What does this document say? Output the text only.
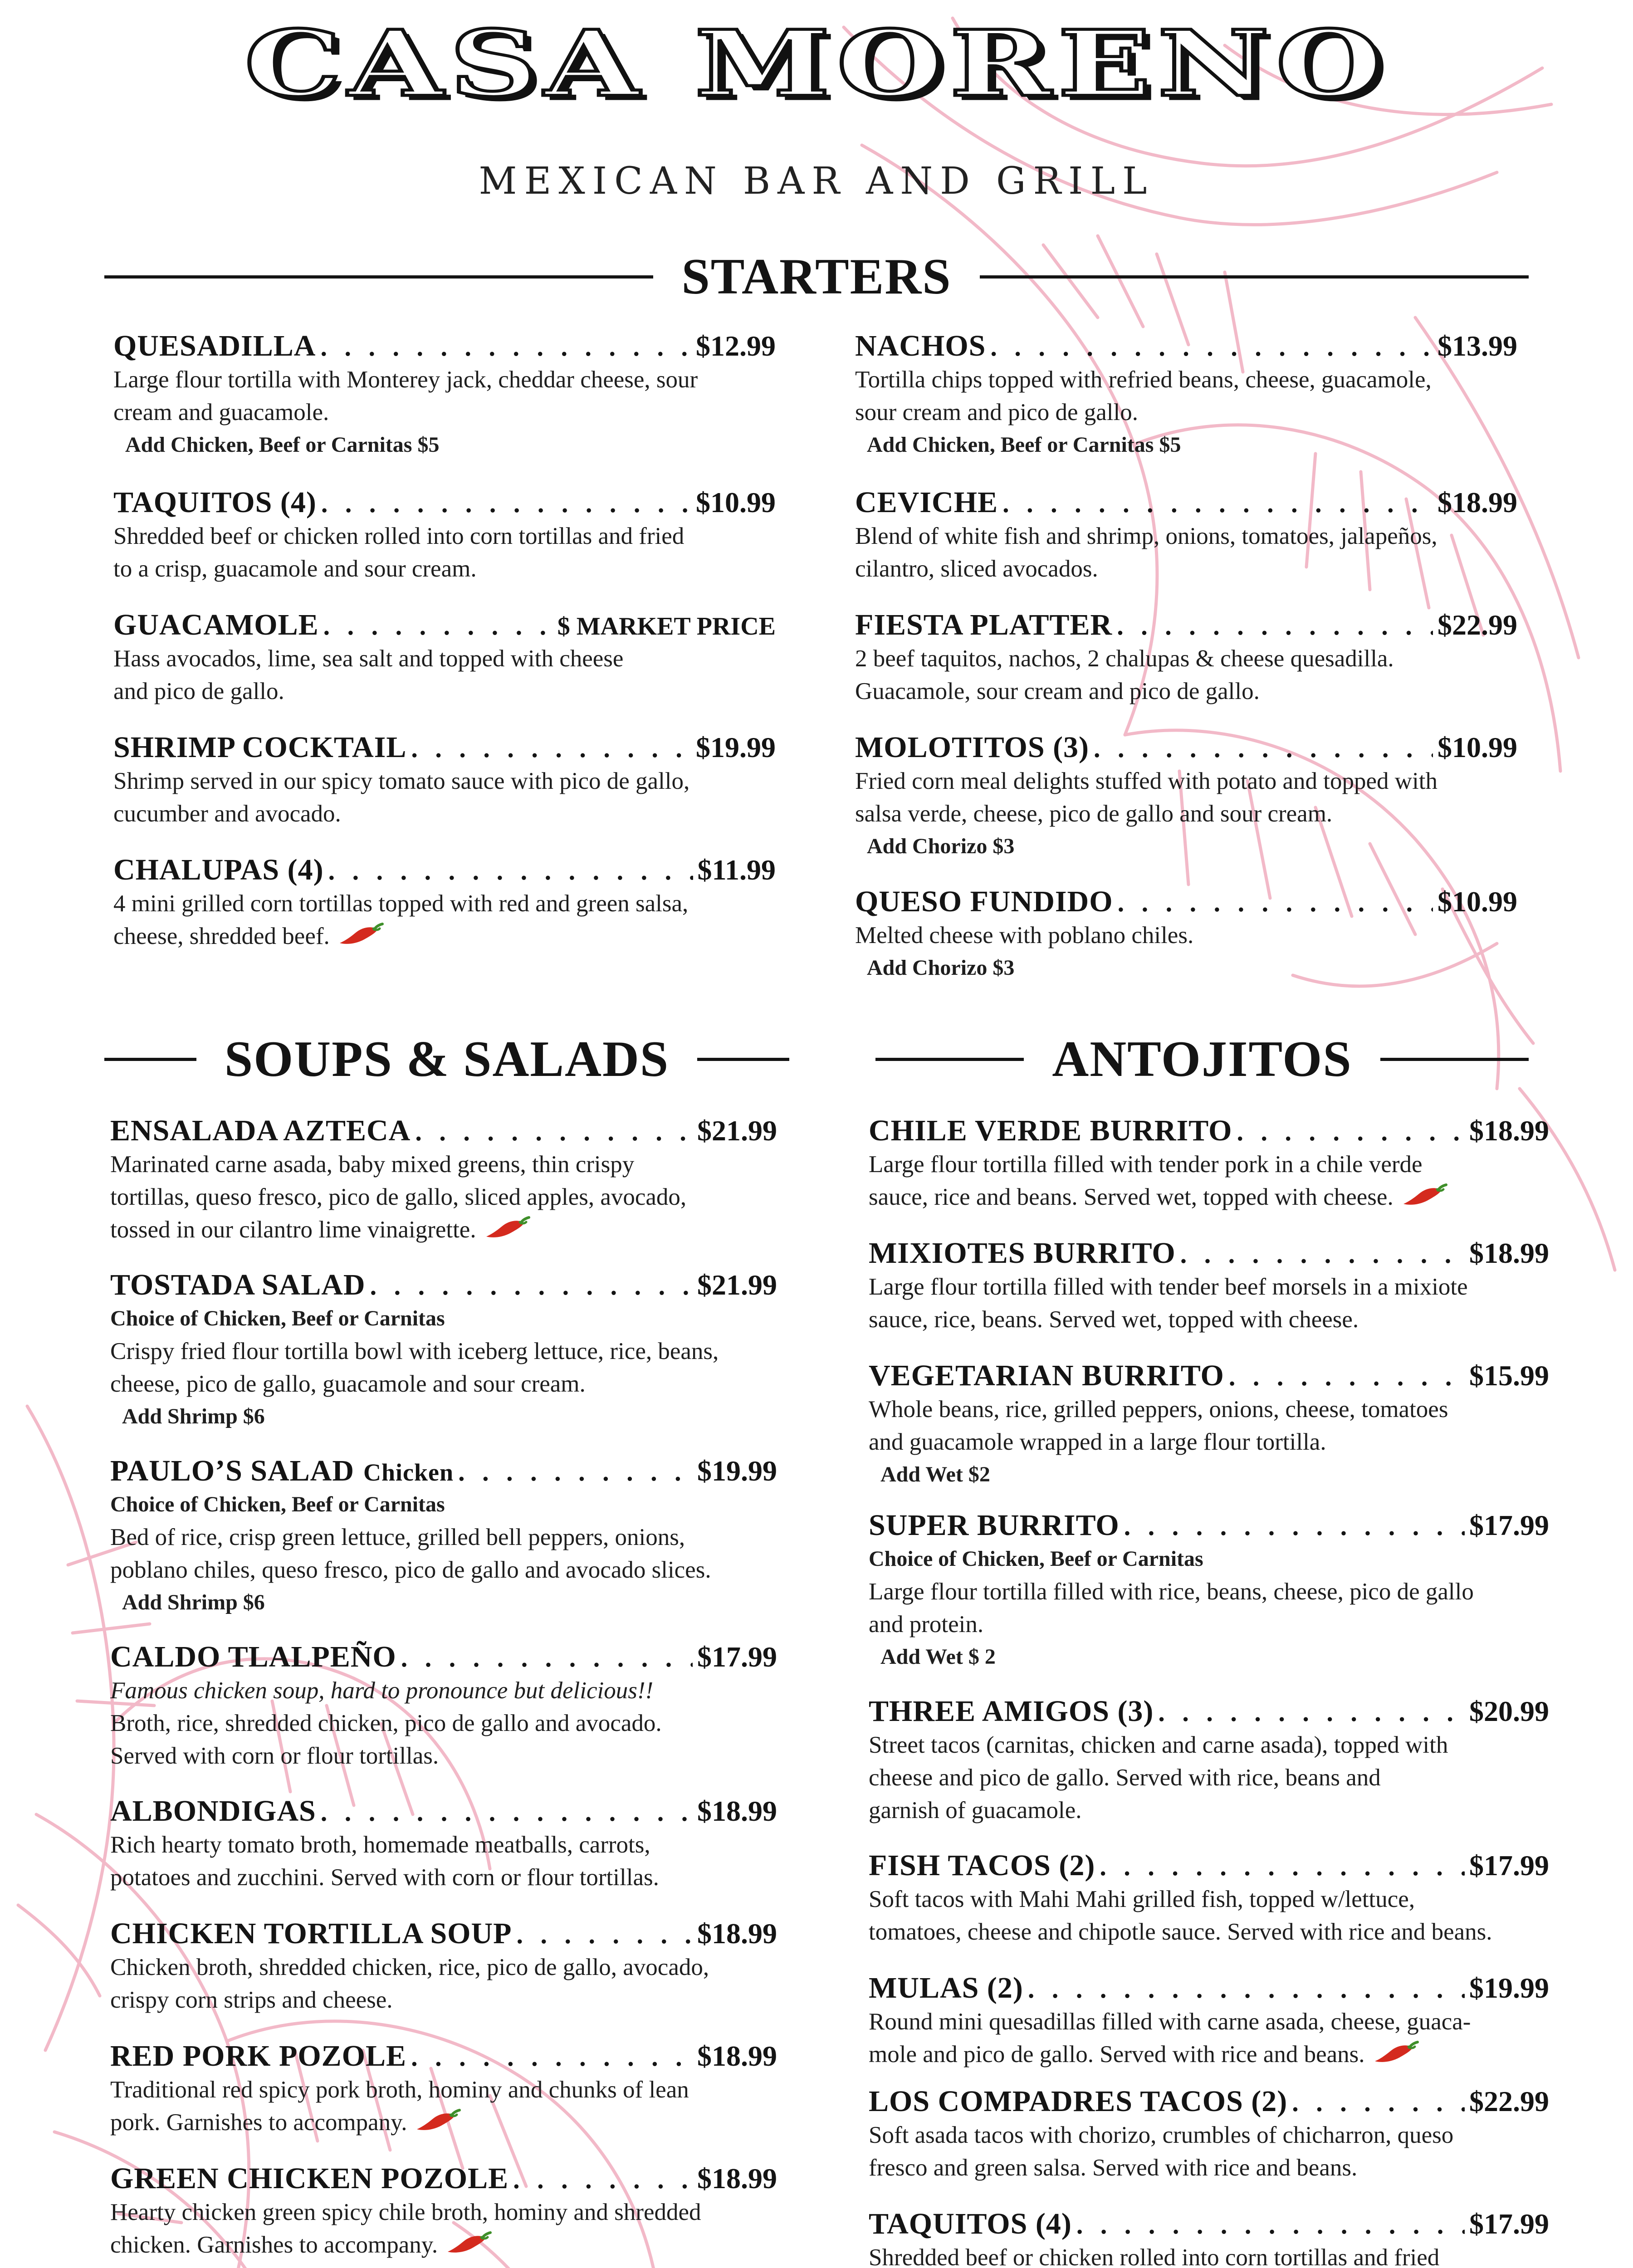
CASA MORENO
MEXICAN BAR AND GRILL
STARTERS
SOUPS & SALADS	ANTOJITOS
QUESADILLA . . .	$12.99
Large flour tortilla with Monterey jack, cheddar cheese, sour
cream and guacamole.
Add Chicken, Beef or Carnitas $5
TAQUITOS (4) . . .	$10.99
Shredded beef or chicken rolled into corn tortillas and fried
to a crisp, guacamole and sour cream.
GUACAMOLE . . .	$ MARKET PRICE
Hass avocados, lime, sea salt and topped with cheese
and pico de gallo.
SHRIMP COCKTAIL . . .	$19.99
Shrimp served in our spicy tomato sauce with pico de gallo,
cucumber and avocado.
CHALUPAS (4) . . .	$11.99
4 mini grilled corn tortillas topped with red and green salsa,
cheese, shredded beef.
NACHOS . . .	$13.99
Tortilla chips topped with refried beans, cheese, guacamole,
sour cream and pico de gallo.
Add Chicken, Beef or Carnitas $5
CEVICHE . . .	$18.99
Blend of white fish and shrimp, onions, tomatoes, jalapeños,
cilantro, sliced avocados.
FIESTA PLATTER . . .	$22.99
2 beef taquitos, nachos, 2 chalupas & cheese quesadilla.
Guacamole, sour cream and pico de gallo.
MOLOTITOS (3) . . .	$10.99
Fried corn meal delights stuffed with potato and topped with
salsa verde, cheese, pico de gallo and sour cream.
Add Chorizo $3
QUESO FUNDIDO . . .	$10.99
Melted cheese with poblano chiles.
Add Chorizo $3
ENSALADA AZTECA . . .	$21.99
Marinated carne asada, baby mixed greens, thin crispy
tortillas, queso fresco, pico de gallo, sliced apples, avocado,
tossed in our cilantro lime vinaigrette.
TOSTADA SALAD . . .	$21.99
Choice of Chicken, Beef or Carnitas
Crispy fried flour tortilla bowl with iceberg lettuce, rice, beans,
cheese, pico de gallo, guacamole and sour cream.
Add Shrimp $6
PAULO’S SALAD Chicken . . .	$19.99
Choice of Chicken, Beef or Carnitas
Bed of rice, crisp green lettuce, grilled bell peppers, onions,
poblano chiles, queso fresco, pico de gallo and avocado slices.
Add Shrimp $6
CALDO TLALPEÑO . . .	$17.99
Famous chicken soup, hard to pronounce but delicious!!
Broth, rice, shredded chicken, pico de gallo and avocado.
Served with corn or flour tortillas.
ALBONDIGAS . . .	$18.99
Rich hearty tomato broth, homemade meatballs, carrots,
potatoes and zucchini. Served with corn or flour tortillas.
CHICKEN TORTILLA SOUP . . .	$18.99
Chicken broth, shredded chicken, rice, pico de gallo, avocado,
crispy corn strips and cheese.
RED PORK POZOLE . . .	$18.99
Traditional red spicy pork broth, hominy and chunks of lean
pork. Garnishes to accompany.
GREEN CHICKEN POZOLE . . .	$18.99
Hearty chicken green spicy chile broth, hominy and shredded
chicken. Garnishes to accompany.
CHILE VERDE BURRITO . . .	$18.99
Large flour tortilla filled with tender pork in a chile verde
sauce, rice and beans. Served wet, topped with cheese.
MIXIOTES BURRITO . . .	$18.99
Large flour tortilla filled with tender beef morsels in a mixiote
sauce, rice, beans. Served wet, topped with cheese.
VEGETARIAN BURRITO . . .	$15.99
Whole beans, rice, grilled peppers, onions, cheese, tomatoes
and guacamole wrapped in a large flour tortilla.
Add Wet $2
SUPER BURRITO . . .	$17.99
Choice of Chicken, Beef or Carnitas
Large flour tortilla filled with rice, beans, cheese, pico de gallo
and protein.
Add Wet $ 2
THREE AMIGOS (3) . . .	$20.99
Street tacos (carnitas, chicken and carne asada), topped with
cheese and pico de gallo. Served with rice, beans and
garnish of guacamole.
FISH TACOS (2) . . .	$17.99
Soft tacos with Mahi Mahi grilled fish, topped w/lettuce,
tomatoes, cheese and chipotle sauce. Served with rice and beans.
MULAS (2) . . .	$19.99
Round mini quesadillas filled with carne asada, cheese, guaca-
mole and pico de gallo. Served with rice and beans.
LOS COMPADRES TACOS (2) . . .	$22.99
Soft asada tacos with chorizo, crumbles of chicharron, queso
fresco and green salsa. Served with rice and beans.
TAQUITOS (4) . . .	$17.99
Shredded beef or chicken rolled into corn tortillas and fried
